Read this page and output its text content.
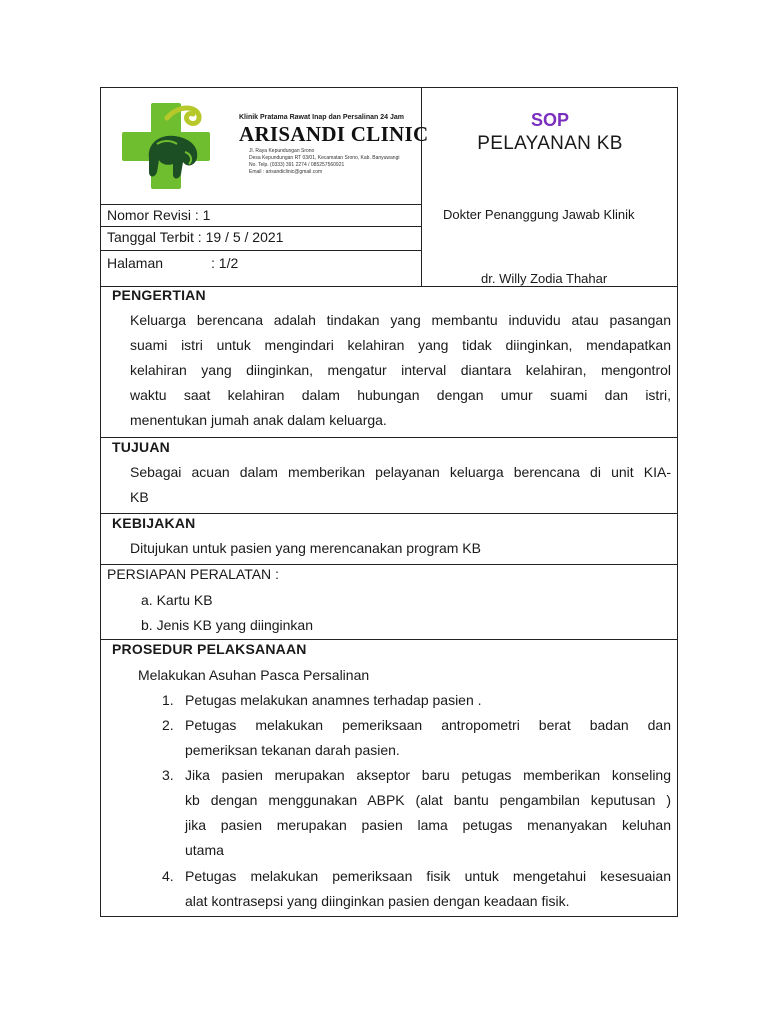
Klinik Pratama Rawat Inap dan Persalinan 24 Jam
ARISANDI CLINIC
Jl. Raya Kepundungan Srono
Desa Kepundungan RT 03/01, Kecamatan Srono, Kab. Banyuwangi
No. Telp. (0333) 391 2274 / 085257560921
Email : arisandiclinic@gmail.com
SOP
PELAYANAN KB
Nomor Revisi : 1
Tanggal Terbit : 19 / 5 / 2021
Halaman	: 1/2
Dokter Penanggung Jawab Klinik
dr. Willy Zodia Thahar
PENGERTIAN
Keluarga berencana adalah tindakan yang membantu induvidu atau pasangan
suami istri untuk mengindari kelahiran yang tidak diinginkan, mendapatkan
kelahiran yang diinginkan, mengatur interval diantara kelahiran, mengontrol
waktu saat kelahiran dalam hubungan dengan umur suami dan istri,
menentukan jumah anak dalam keluarga.
TUJUAN
Sebagai acuan dalam memberikan pelayanan keluarga berencana di unit KIA-
KB
KEBIJAKAN
Ditujukan untuk pasien yang merencanakan program KB
PERSIAPAN PERALATAN :
a. Kartu KB
b. Jenis KB yang diinginkan
PROSEDUR PELAKSANAAN
Melakukan Asuhan Pasca Persalinan
1. Petugas melakukan anamnes terhadap pasien .
2. Petugas melakukan pemeriksaan antropometri berat badan dan
pemeriksan tekanan darah pasien.
3. Jika pasien merupakan akseptor baru petugas memberikan konseling
kb dengan menggunakan ABPK (alat bantu pengambilan keputusan )
jika pasien merupakan pasien lama petugas menanyakan keluhan
utama
4. Petugas melakukan pemeriksaan fisik untuk mengetahui kesesuaian
alat kontrasepsi yang diinginkan pasien dengan keadaan fisik.
